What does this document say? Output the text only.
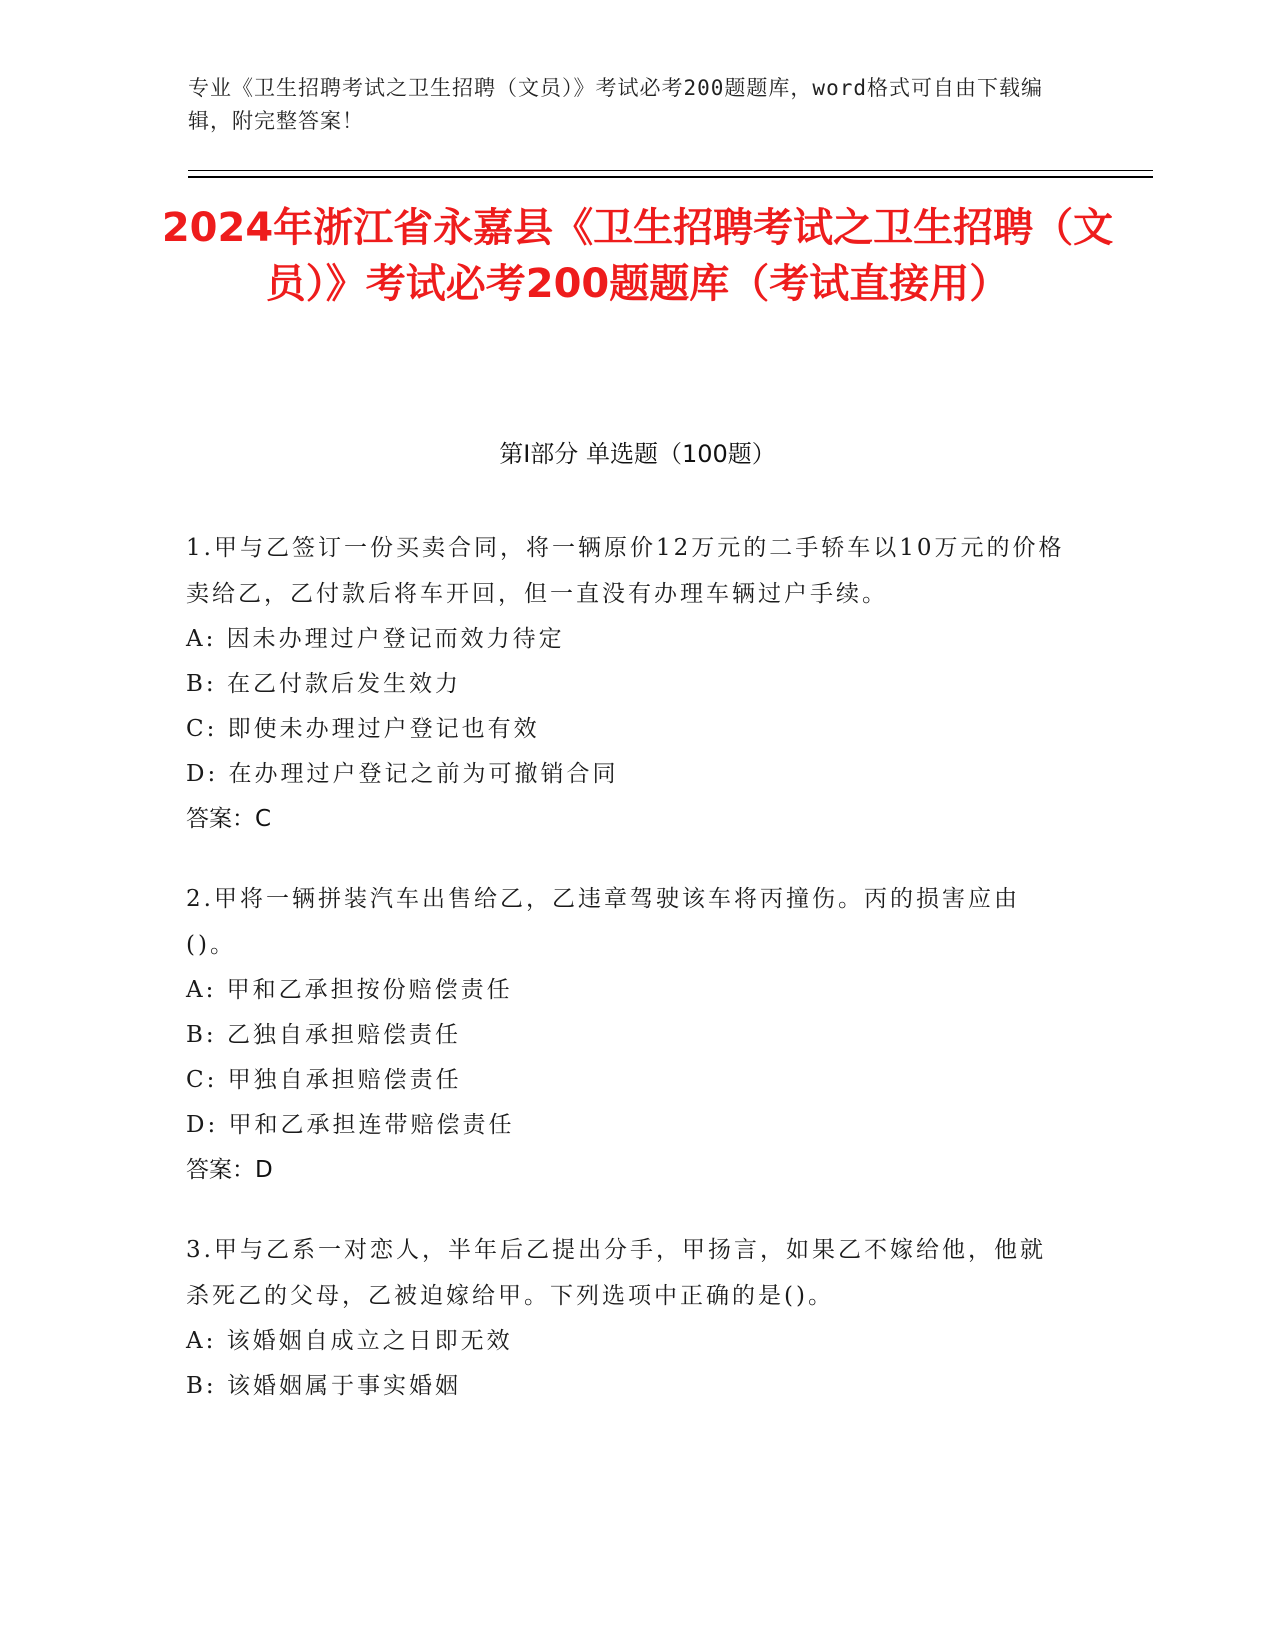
专业《卫生招聘考试之卫生招聘（文员）》考试必考200题题库，word格式可自由下载编辑，附完整答案！
2024年浙江省永嘉县《卫生招聘考试之卫生招聘（文员）》考试必考200题题库（考试直接用）
第Ⅰ部分 单选题（100题）
1.甲与乙签订一份买卖合同，将一辆原价12万元的二手轿车以10万元的价格卖给乙，乙付款后将车开回，但一直没有办理车辆过户手续。
A: 因未办理过户登记而效力待定
B: 在乙付款后发生效力
C: 即使未办理过户登记也有效
D: 在办理过户登记之前为可撤销合同
答案：C
2.甲将一辆拼装汽车出售给乙，乙违章驾驶该车将丙撞伤。丙的损害应由()。
A: 甲和乙承担按份赔偿责任
B: 乙独自承担赔偿责任
C: 甲独自承担赔偿责任
D: 甲和乙承担连带赔偿责任
答案：D
3.甲与乙系一对恋人，半年后乙提出分手，甲扬言，如果乙不嫁给他，他就杀死乙的父母，乙被迫嫁给甲。下列选项中正确的是()。
A: 该婚姻自成立之日即无效
B: 该婚姻属于事实婚姻
